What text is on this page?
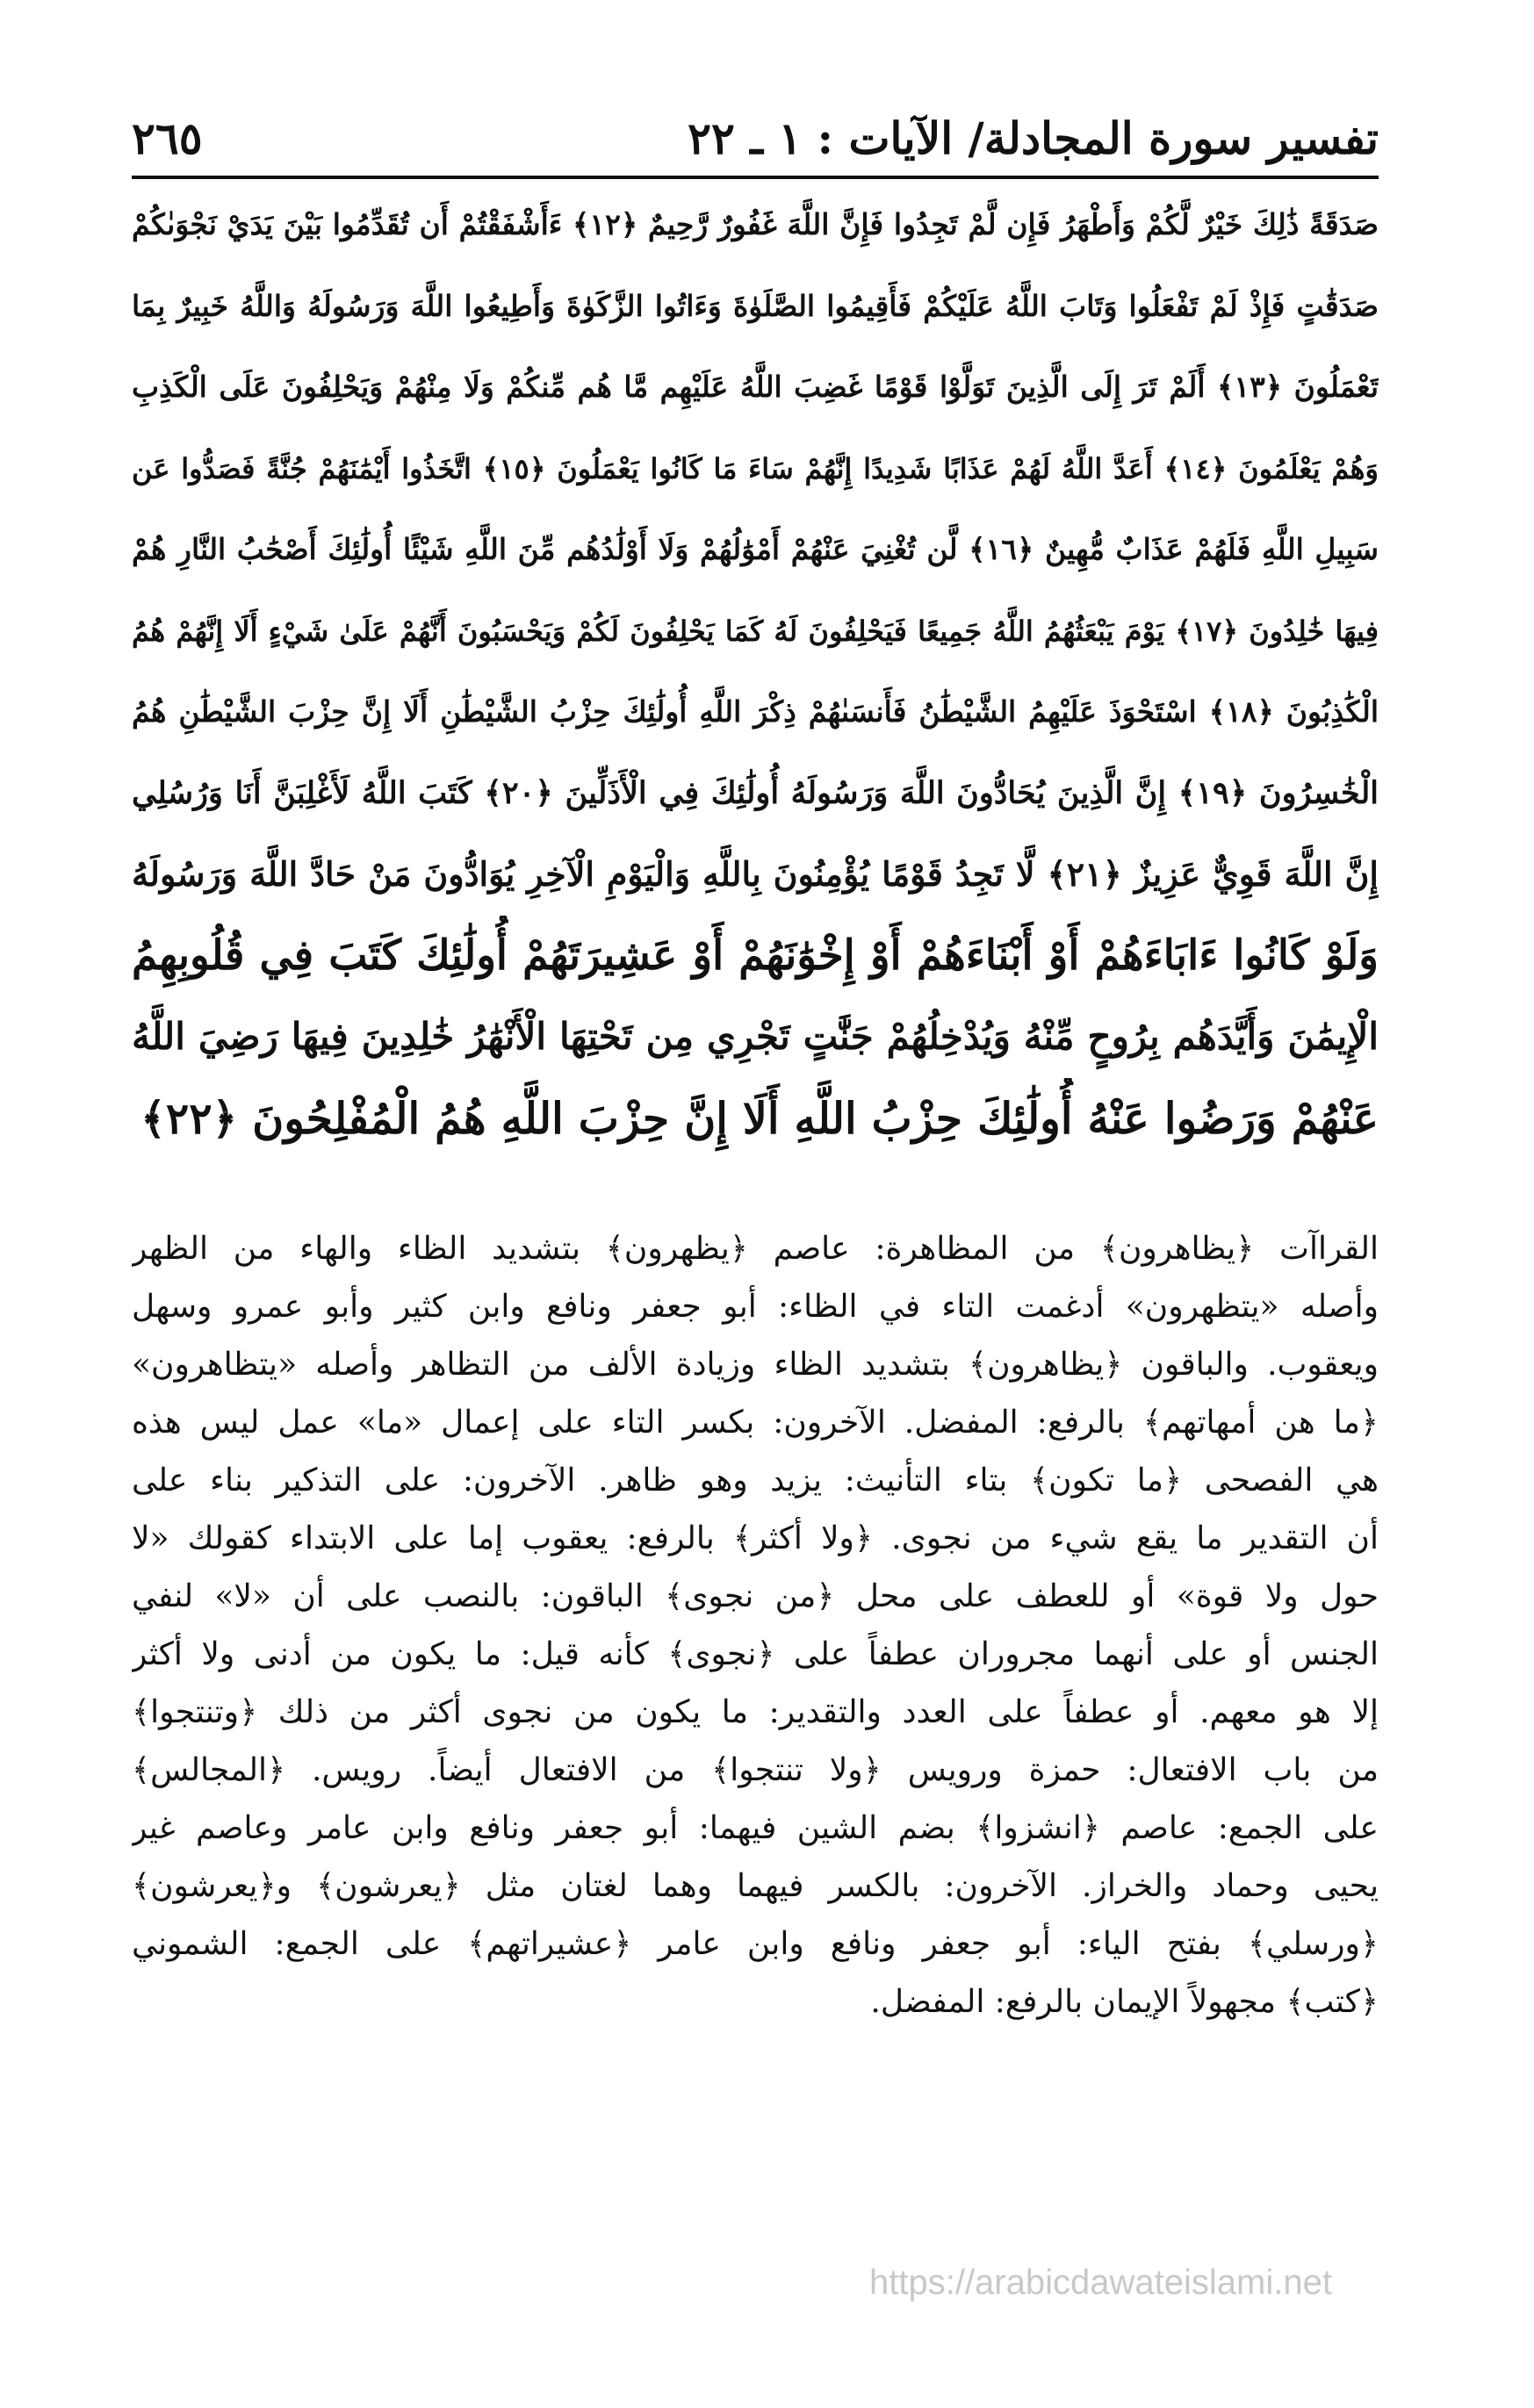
٢٦٥	تفسير سورة المجادلة/ الآيات : ١ ـ ٢٢
صَدَقَةً ذَٰلِكَ خَيْرٌ لَّكُمْ وَأَطْهَرُ فَإِن لَّمْ تَجِدُوا فَإِنَّ اللَّهَ غَفُورٌ رَّحِيمٌ ﴿١٢﴾ ءَأَشْفَقْتُمْ أَن تُقَدِّمُوا بَيْنَ يَدَيْ نَجْوَىٰكُمْ
صَدَقَٰتٍ فَإِذْ لَمْ تَفْعَلُوا وَتَابَ اللَّهُ عَلَيْكُمْ فَأَقِيمُوا الصَّلَوٰةَ وَءَاتُوا الزَّكَوٰةَ وَأَطِيعُوا اللَّهَ وَرَسُولَهُ وَاللَّهُ خَبِيرٌ بِمَا
تَعْمَلُونَ ﴿١٣﴾ أَلَمْ تَرَ إِلَى الَّذِينَ تَوَلَّوْا قَوْمًا غَضِبَ اللَّهُ عَلَيْهِم مَّا هُم مِّنكُمْ وَلَا مِنْهُمْ وَيَحْلِفُونَ عَلَى الْكَذِبِ
وَهُمْ يَعْلَمُونَ ﴿١٤﴾ أَعَدَّ اللَّهُ لَهُمْ عَذَابًا شَدِيدًا إِنَّهُمْ سَاءَ مَا كَانُوا يَعْمَلُونَ ﴿١٥﴾ اتَّخَذُوا أَيْمَٰنَهُمْ جُنَّةً فَصَدُّوا عَن
سَبِيلِ اللَّهِ فَلَهُمْ عَذَابٌ مُّهِينٌ ﴿١٦﴾ لَّن تُغْنِيَ عَنْهُمْ أَمْوَٰلُهُمْ وَلَا أَوْلَٰدُهُم مِّنَ اللَّهِ شَيْئًا أُولَٰئِكَ أَصْحَٰبُ النَّارِ هُمْ
فِيهَا خَٰلِدُونَ ﴿١٧﴾ يَوْمَ يَبْعَثُهُمُ اللَّهُ جَمِيعًا فَيَحْلِفُونَ لَهُ كَمَا يَحْلِفُونَ لَكُمْ وَيَحْسَبُونَ أَنَّهُمْ عَلَىٰ شَيْءٍ أَلَا إِنَّهُمْ هُمُ
الْكَٰذِبُونَ ﴿١٨﴾ اسْتَحْوَذَ عَلَيْهِمُ الشَّيْطَٰنُ فَأَنسَىٰهُمْ ذِكْرَ اللَّهِ أُولَٰئِكَ حِزْبُ الشَّيْطَٰنِ أَلَا إِنَّ حِزْبَ الشَّيْطَٰنِ هُمُ
الْخَٰسِرُونَ ﴿١٩﴾ إِنَّ الَّذِينَ يُحَادُّونَ اللَّهَ وَرَسُولَهُ أُولَٰئِكَ فِي الْأَذَلِّينَ ﴿٢٠﴾ كَتَبَ اللَّهُ لَأَغْلِبَنَّ أَنَا وَرُسُلِي
إِنَّ اللَّهَ قَوِيٌّ عَزِيزٌ ﴿٢١﴾ لَّا تَجِدُ قَوْمًا يُؤْمِنُونَ بِاللَّهِ وَالْيَوْمِ الْآخِرِ يُوَادُّونَ مَنْ حَادَّ اللَّهَ وَرَسُولَهُ
وَلَوْ كَانُوا ءَابَاءَهُمْ أَوْ أَبْنَاءَهُمْ أَوْ إِخْوَٰنَهُمْ أَوْ عَشِيرَتَهُمْ أُولَٰئِكَ كَتَبَ فِي قُلُوبِهِمُ
الْإِيمَٰنَ وَأَيَّدَهُم بِرُوحٍ مِّنْهُ وَيُدْخِلُهُمْ جَنَّٰتٍ تَجْرِي مِن تَحْتِهَا الْأَنْهَٰرُ خَٰلِدِينَ فِيهَا رَضِيَ اللَّهُ
عَنْهُمْ وَرَضُوا عَنْهُ أُولَٰئِكَ حِزْبُ اللَّهِ أَلَا إِنَّ حِزْبَ اللَّهِ هُمُ الْمُفْلِحُونَ ﴿٢٢﴾
القراآت ﴿يظاهرون﴾ من المظاهرة: عاصم ﴿يظهرون﴾ بتشديد الظاء والهاء من الظهر
وأصله «يتظهرون» أدغمت التاء في الظاء: أبو جعفر ونافع وابن كثير وأبو عمرو وسهل
ويعقوب. والباقون ﴿يظاهرون﴾ بتشديد الظاء وزيادة الألف من التظاهر وأصله «يتظاهرون»
﴿ما هن أمهاتهم﴾ بالرفع: المفضل. الآخرون: بكسر التاء على إعمال «ما» عمل ليس هذه
هي الفصحى ﴿ما تكون﴾ بتاء التأنيث: يزيد وهو ظاهر. الآخرون: على التذكير بناء على
أن التقدير ما يقع شيء من نجوى. ﴿ولا أكثر﴾ بالرفع: يعقوب إما على الابتداء كقولك «لا
حول ولا قوة» أو للعطف على محل ﴿من نجوى﴾ الباقون: بالنصب على أن «لا» لنفي
الجنس أو على أنهما مجروران عطفاً على ﴿نجوى﴾ كأنه قيل: ما يكون من أدنى ولا أكثر
إلا هو معهم. أو عطفاً على العدد والتقدير: ما يكون من نجوى أكثر من ذلك ﴿وتنتجوا﴾
من باب الافتعال: حمزة ورويس ﴿ولا تنتجوا﴾ من الافتعال أيضاً. رويس. ﴿المجالس﴾
على الجمع: عاصم ﴿انشزوا﴾ بضم الشين فيهما: أبو جعفر ونافع وابن عامر وعاصم غير
يحيى وحماد والخراز. الآخرون: بالكسر فيهما وهما لغتان مثل ﴿يعرشون﴾ و﴿يعرشون﴾
﴿ورسلي﴾ بفتح الياء: أبو جعفر ونافع وابن عامر ﴿عشيراتهم﴾ على الجمع: الشموني
﴿كتب﴾ مجهولاً الإيمان بالرفع: المفضل.
https://arabicdawateislami.net
